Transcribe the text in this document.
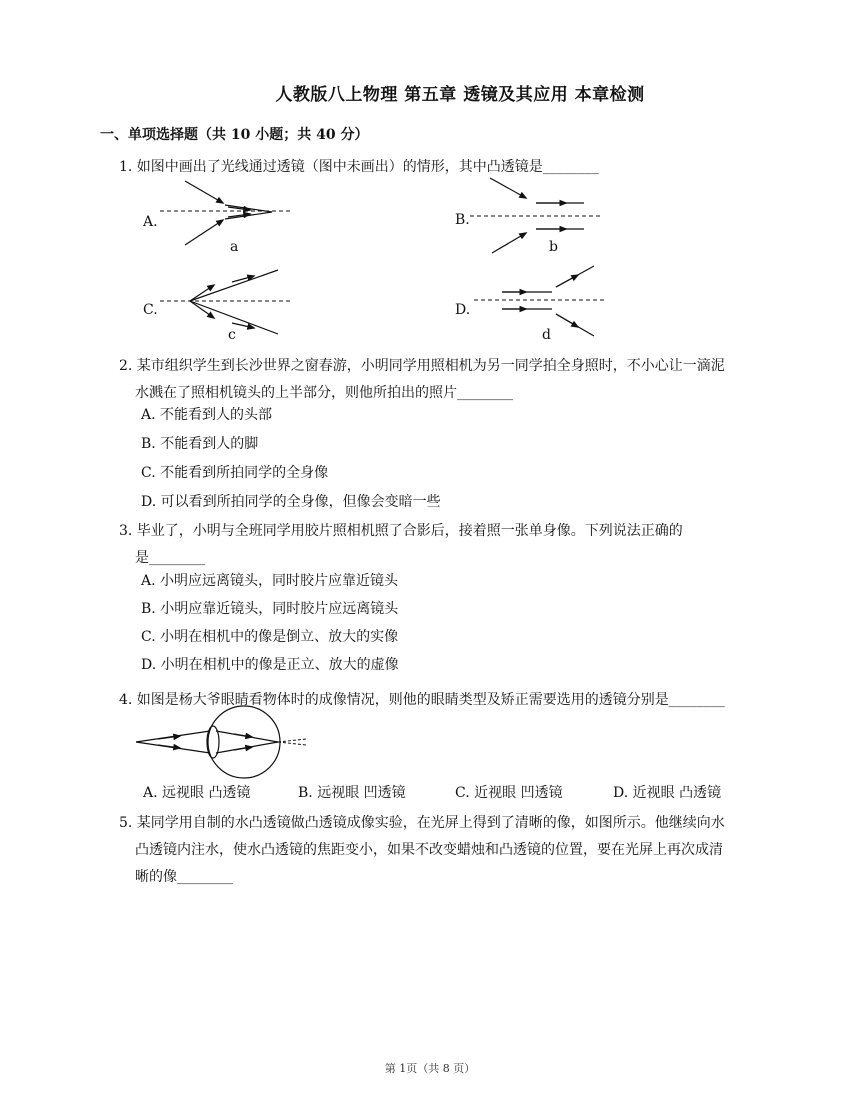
人教版八上物理 第五章 透镜及其应用 本章检测
一、单项选择题（共 10 小题；共 40 分）
1. 如图中画出了光线通过透镜（图中未画出）的情形，其中凸透镜是________
A.
a
B.
b
C.
c
D.
d
2. 某市组织学生到长沙世界之窗春游，小明同学用照相机为另一同学拍全身照时，不小心让一滴泥
水溅在了照相机镜头的上半部分，则他所拍出的照片________
A. 不能看到人的头部
B. 不能看到人的脚
C. 不能看到所拍同学的全身像
D. 可以看到所拍同学的全身像，但像会变暗一些
3. 毕业了，小明与全班同学用胶片照相机照了合影后，接着照一张单身像。下列说法正确的
是________
A. 小明应远离镜头，同时胶片应靠近镜头
B. 小明应靠近镜头，同时胶片应远离镜头
C. 小明在相机中的像是倒立、放大的实像
D. 小明在相机中的像是正立、放大的虚像
4. 如图是杨大爷眼睛看物体时的成像情况，则他的眼睛类型及矫正需要选用的透镜分别是________
A. 远视眼 凸透镜	B. 远视眼 凹透镜	C. 近视眼 凹透镜	D. 近视眼 凸透镜
5. 某同学用自制的水凸透镜做凸透镜成像实验，在光屏上得到了清晰的像，如图所示。他继续向水
凸透镜内注水，使水凸透镜的焦距变小，如果不改变蜡烛和凸透镜的位置，要在光屏上再次成清
晰的像________
第 1页（共 8 页）
